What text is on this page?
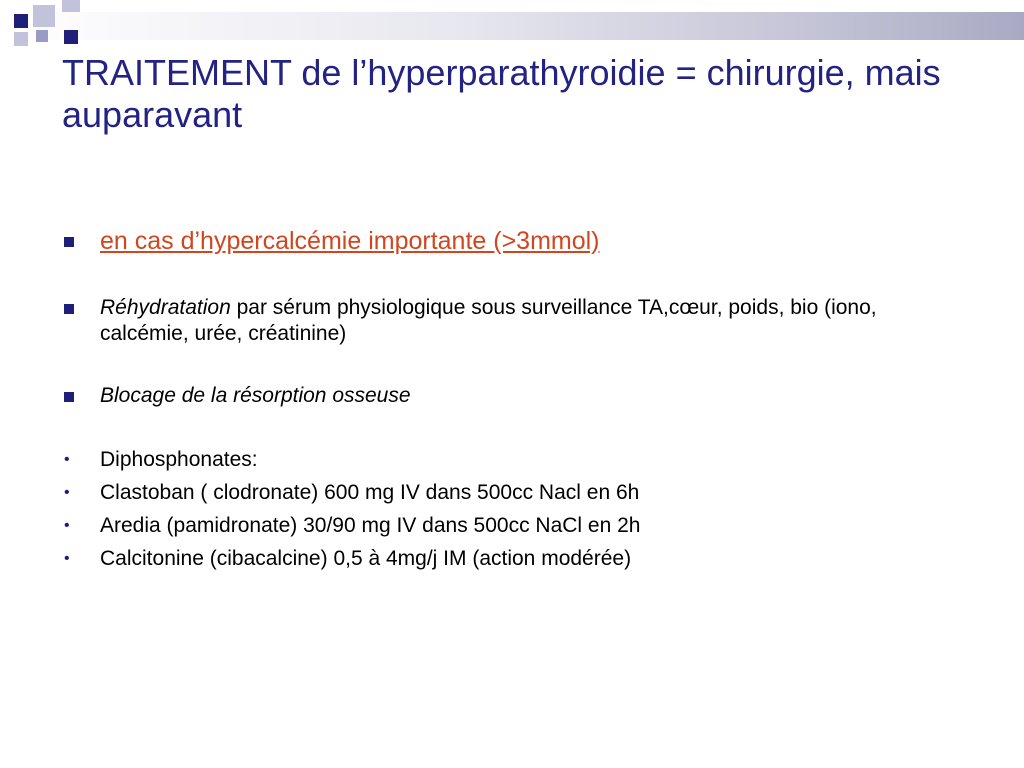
TRAITEMENT de l’hyperparathyroidie = chirurgie, mais auparavant
en cas d’hypercalcémie importante (>3mmol)
Réhydratation par sérum physiologique sous surveillance TA,cœur, poids, bio (iono, calcémie, urée, créatinine)
Blocage de la résorption osseuse
• Diphosphonates:
• Clastoban ( clodronate) 600 mg IV dans 500cc Nacl en 6h
• Aredia (pamidronate) 30/90 mg IV dans 500cc NaCl en 2h
• Calcitonine (cibacalcine) 0,5 à 4mg/j IM (action modérée)
